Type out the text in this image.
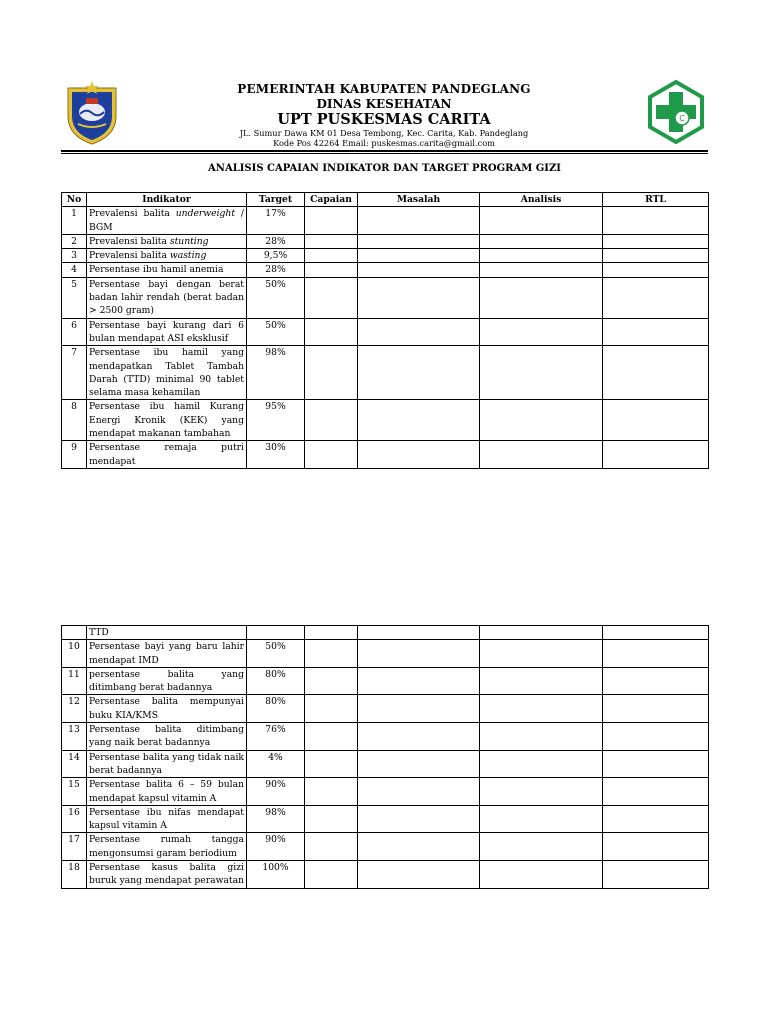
C
PEMERINTAH KABUPATEN PANDEGLANG
DINAS KESEHATAN
UPT PUSKESMAS CARITA
JL. Sumur Dawa KM 01 Desa Tembong, Kec. Carita, Kab. Pandeglang
Kode Pos 42264 Email: puskesmas.carita@gmail.com
ANALISIS CAPAIAN INDIKATOR DAN TARGET PROGRAM GIZI
No	Indikator	Target	Capaian	Masalah	Analisis	RTL
1	Prevalensi balita underweight / BGM	17%				
2	Prevalensi balita stunting	28%				
3	Prevalensi balita wasting	9,5%				
4	Persentase ibu hamil anemia	28%				
5	Persentase bayi dengan berat badan lahir rendah (berat badan > 2500 gram)	50%				
6	Persentase bayi kurang dari 6 bulan mendapat ASI eksklusif	50%				
7	Persentase ibu hamil yang mendapatkan Tablet Tambah Darah (TTD) minimal 90 tablet selama masa kehamilan	98%				
8	Persentase ibu hamil Kurang Energi Kronik (KEK) yang mendapat makanan tambahan	95%				
9	Persentase remaja putri mendapat	30%				
	TTD					
10	Persentase bayi yang baru lahir mendapat IMD	50%				
11	persentase balita yang ditimbang berat badannya	80%				
12	Persentase balita mempunyai buku KIA/KMS	80%				
13	Persentase balita ditimbang yang naik berat badannya	76%				
14	Persentase balita yang tidak naik berat badannya	4%				
15	Persentase balita 6 – 59 bulan mendapat kapsul vitamin A	90%				
16	Persentase ibu nifas mendapat kapsul vitamin A	98%				
17	Persentase rumah tangga mengonsumsi garam beriodium	90%				
18	Persentase kasus balita gizi buruk yang mendapat perawatan	100%				
